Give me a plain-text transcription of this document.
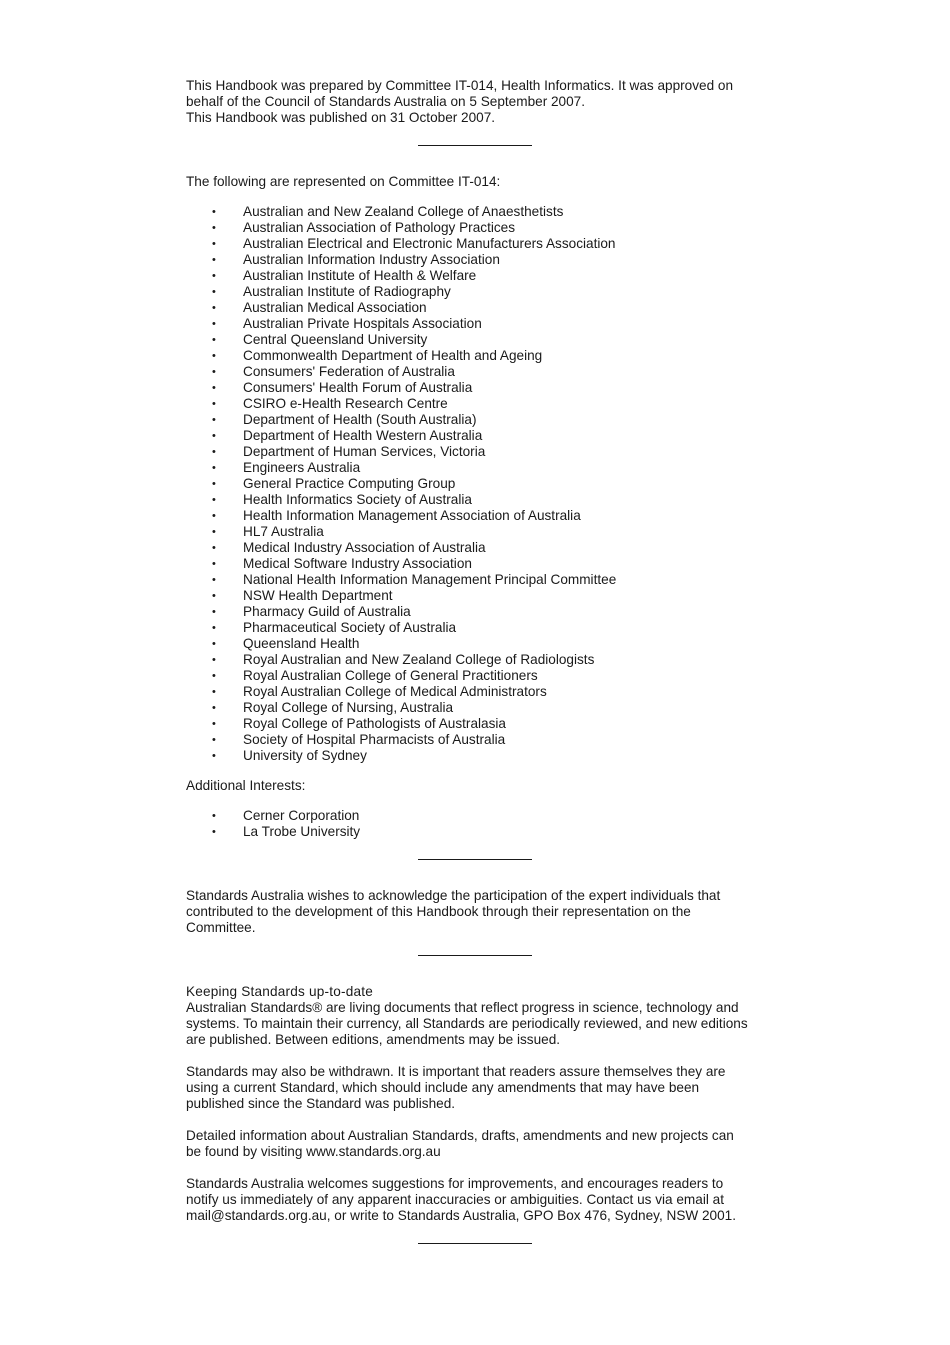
This Handbook was prepared by Committee IT-014, Health Informatics. It was approved on

behalf of the Council of Standards Australia on 5 September 2007.

This Handbook was published on 31 October 2007.

The following are represented on Committee IT-014:

• Australian and New Zealand College of Anaesthetists
• Australian Association of Pathology Practices
• Australian Electrical and Electronic Manufacturers Association
• Australian Information Industry Association
• Australian Institute of Health & Welfare
• Australian Institute of Radiography
• Australian Medical Association
• Australian Private Hospitals Association
• Central Queensland University
• Commonwealth Department of Health and Ageing
• Consumers' Federation of Australia
• Consumers' Health Forum of Australia
• CSIRO e-Health Research Centre
• Department of Health (South Australia)
• Department of Health Western Australia
• Department of Human Services, Victoria
• Engineers Australia
• General Practice Computing Group
• Health Informatics Society of Australia
• Health Information Management Association of Australia
• HL7 Australia
• Medical Industry Association of Australia
• Medical Software Industry Association
• National Health Information Management Principal Committee
• NSW Health Department
• Pharmacy Guild of Australia
• Pharmaceutical Society of Australia
• Queensland Health
• Royal Australian and New Zealand College of Radiologists
• Royal Australian College of General Practitioners
• Royal Australian College of Medical Administrators
• Royal College of Nursing, Australia
• Royal College of Pathologists of Australasia
• Society of Hospital Pharmacists of Australia
• University of Sydney

Additional Interests:

• Cerner Corporation
• La Trobe University

Standards Australia wishes to acknowledge the participation of the expert individuals that

contributed to the development of this Handbook through their representation on the

Committee.

Keeping Standards up-to-date

Australian Standards® are living documents that reflect progress in science, technology and

systems. To maintain their currency, all Standards are periodically reviewed, and new editions

are published. Between editions, amendments may be issued.

Standards may also be withdrawn. It is important that readers assure themselves they are

using a current Standard, which should include any amendments that may have been

published since the Standard was published.

Detailed information about Australian Standards, drafts, amendments and new projects can

be found by visiting www.standards.org.au

Standards Australia welcomes suggestions for improvements, and encourages readers to

notify us immediately of any apparent inaccuracies or ambiguities. Contact us via email at

mail@standards.org.au, or write to Standards Australia, GPO Box 476, Sydney, NSW 2001.
